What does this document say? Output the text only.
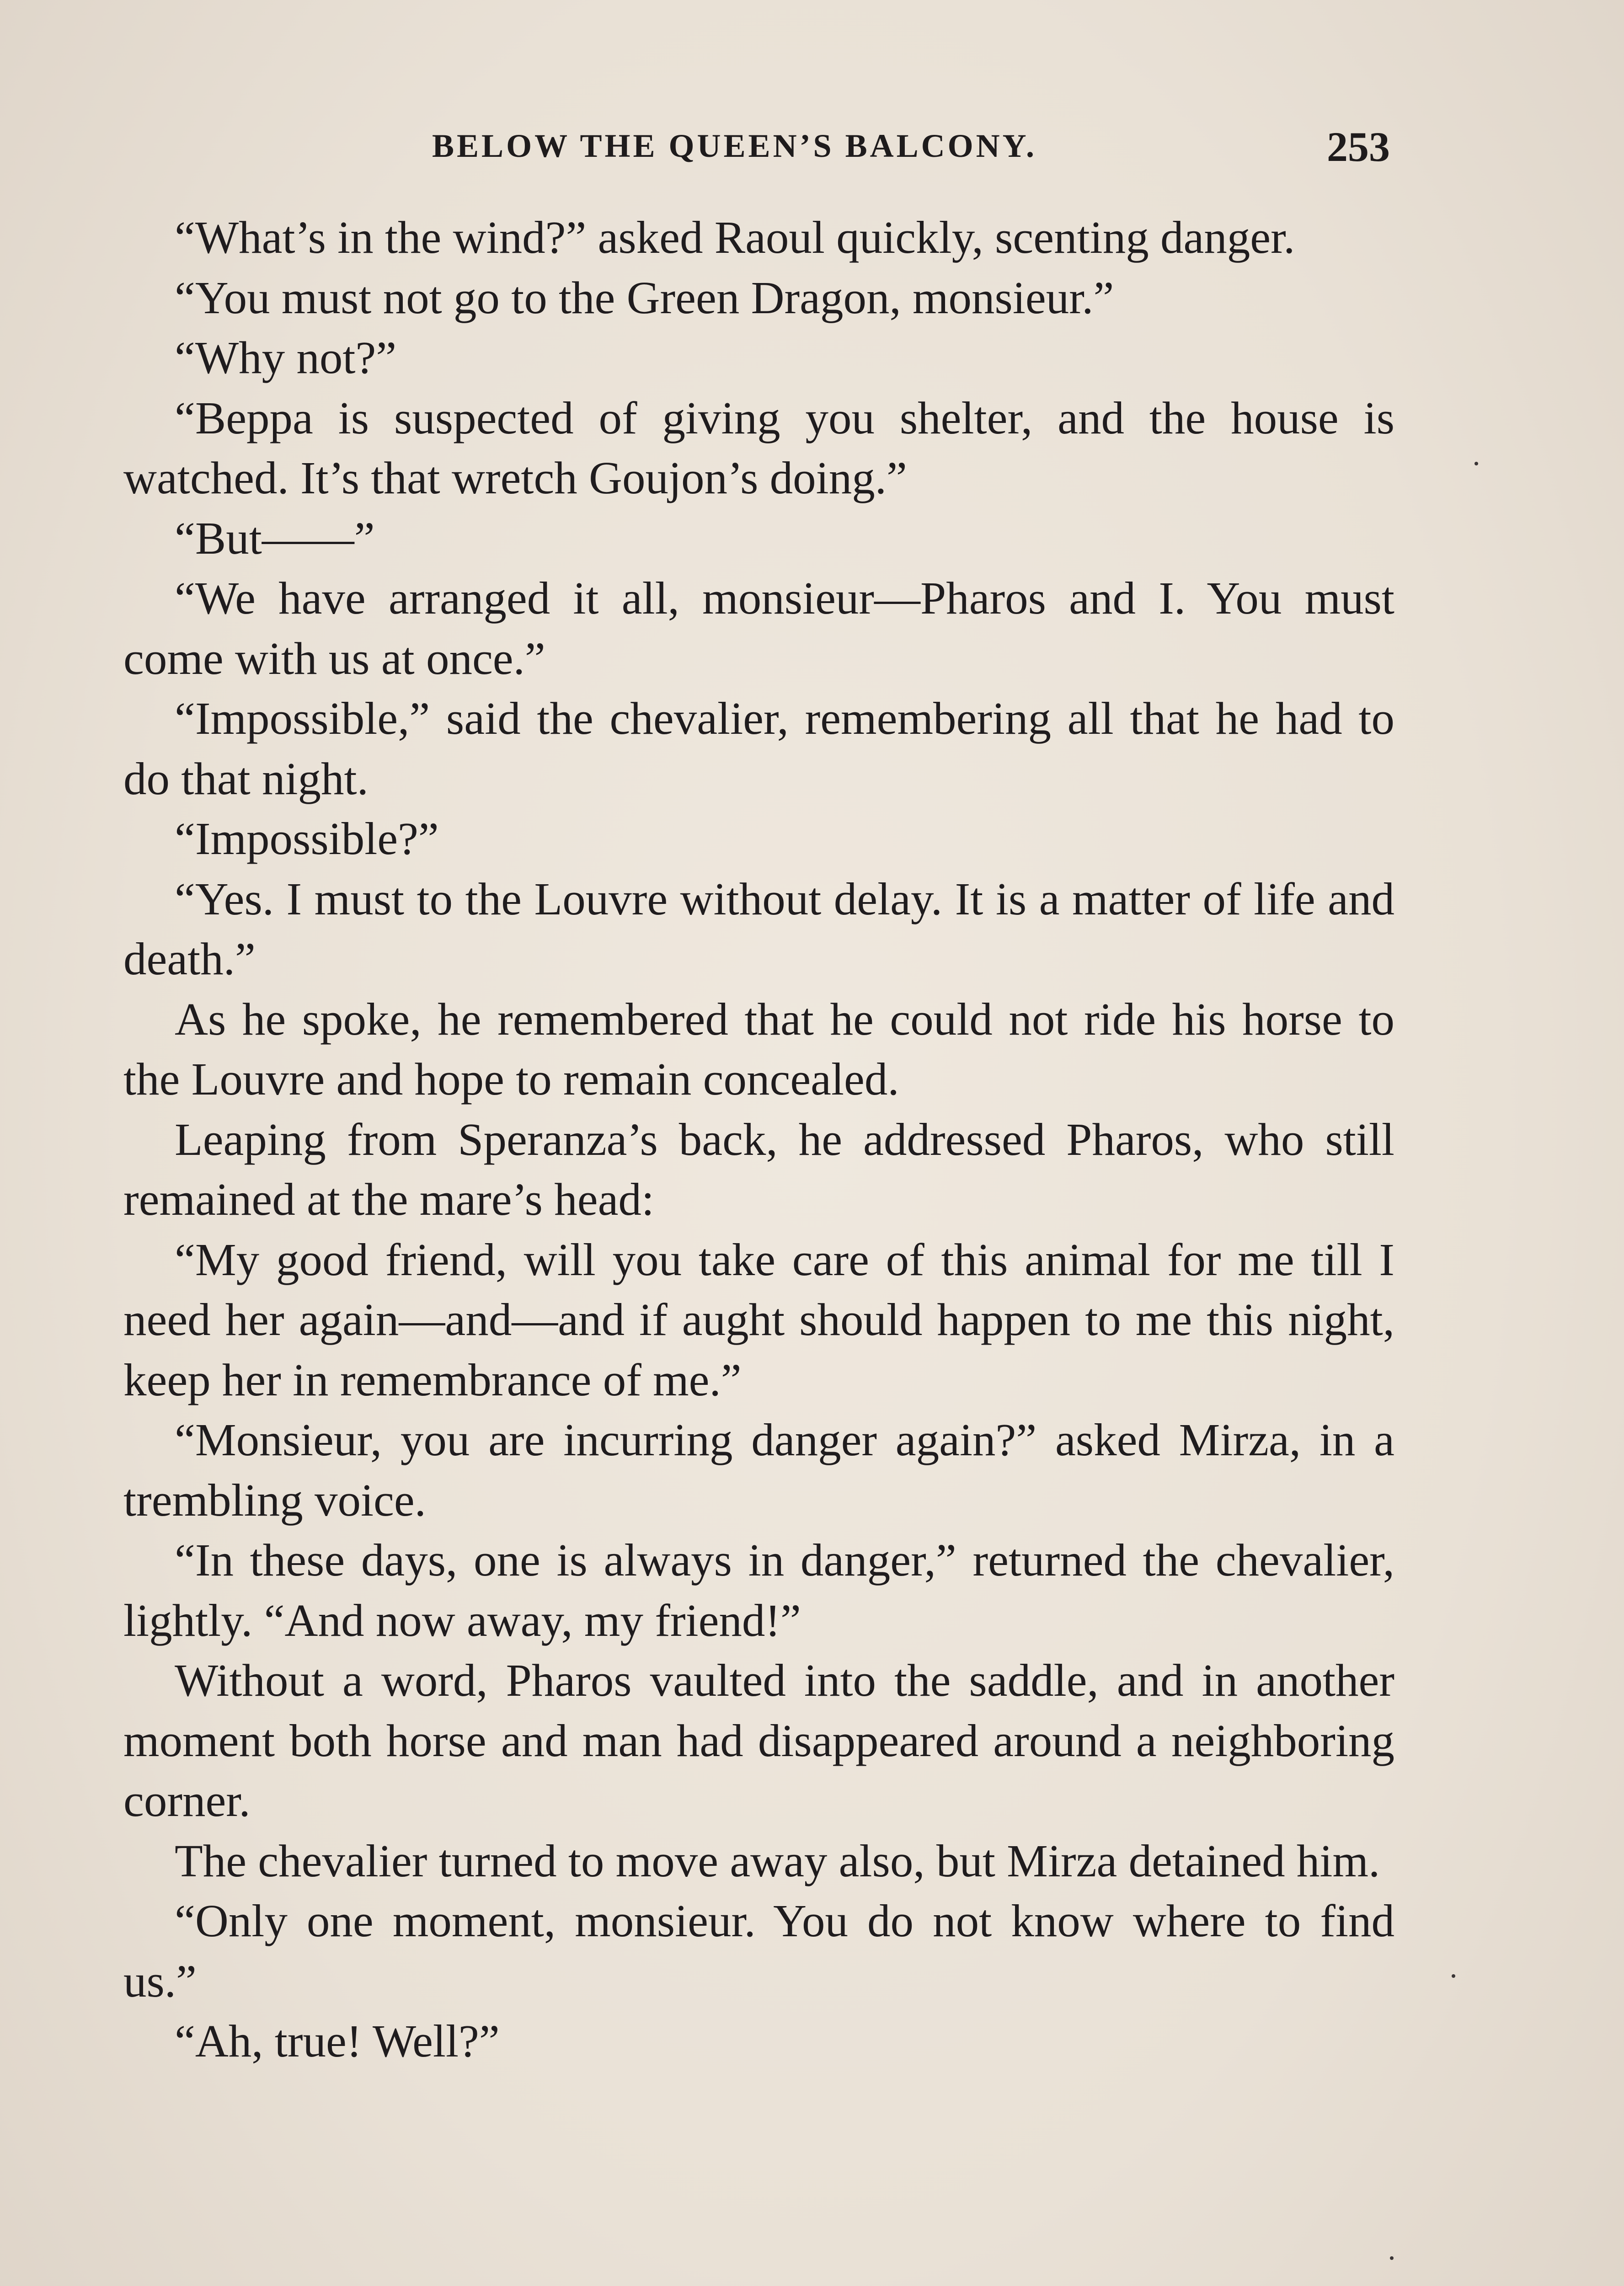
BELOW THE QUEEN’S BALCONY.	253

“What’s in the wind?” asked Raoul quickly, scenting danger.

“You must not go to the Green Dragon, monsieur.”

“Why not?”

“Beppa is suspected of giving you shelter, and the house is watched. It’s that wretch Goujon’s doing.”

“But——”

“We have arranged it all, monsieur—Pharos and I. You must come with us at once.”

“Impossible,” said the chevalier, remembering all that he had to do that night.

“Impossible?”

“Yes. I must to the Louvre without delay. It is a matter of life and death.”

As he spoke, he remembered that he could not ride his horse to the Louvre and hope to remain concealed.

Leaping from Speranza’s back, he addressed Pharos, who still remained at the mare’s head:

“My good friend, will you take care of this animal for me till I need her again—and—and if aught should happen to me this night, keep her in remembrance of me.”

“Monsieur, you are incurring danger again?” asked Mirza, in a trembling voice.

“In these days, one is always in danger,” returned the chevalier, lightly. “And now away, my friend!”

Without a word, Pharos vaulted into the saddle, and in another moment both horse and man had disappeared around a neighboring corner.

The chevalier turned to move away also, but Mirza detained him.

“Only one moment, monsieur. You do not know where to find us.”

“Ah, true! Well?”
